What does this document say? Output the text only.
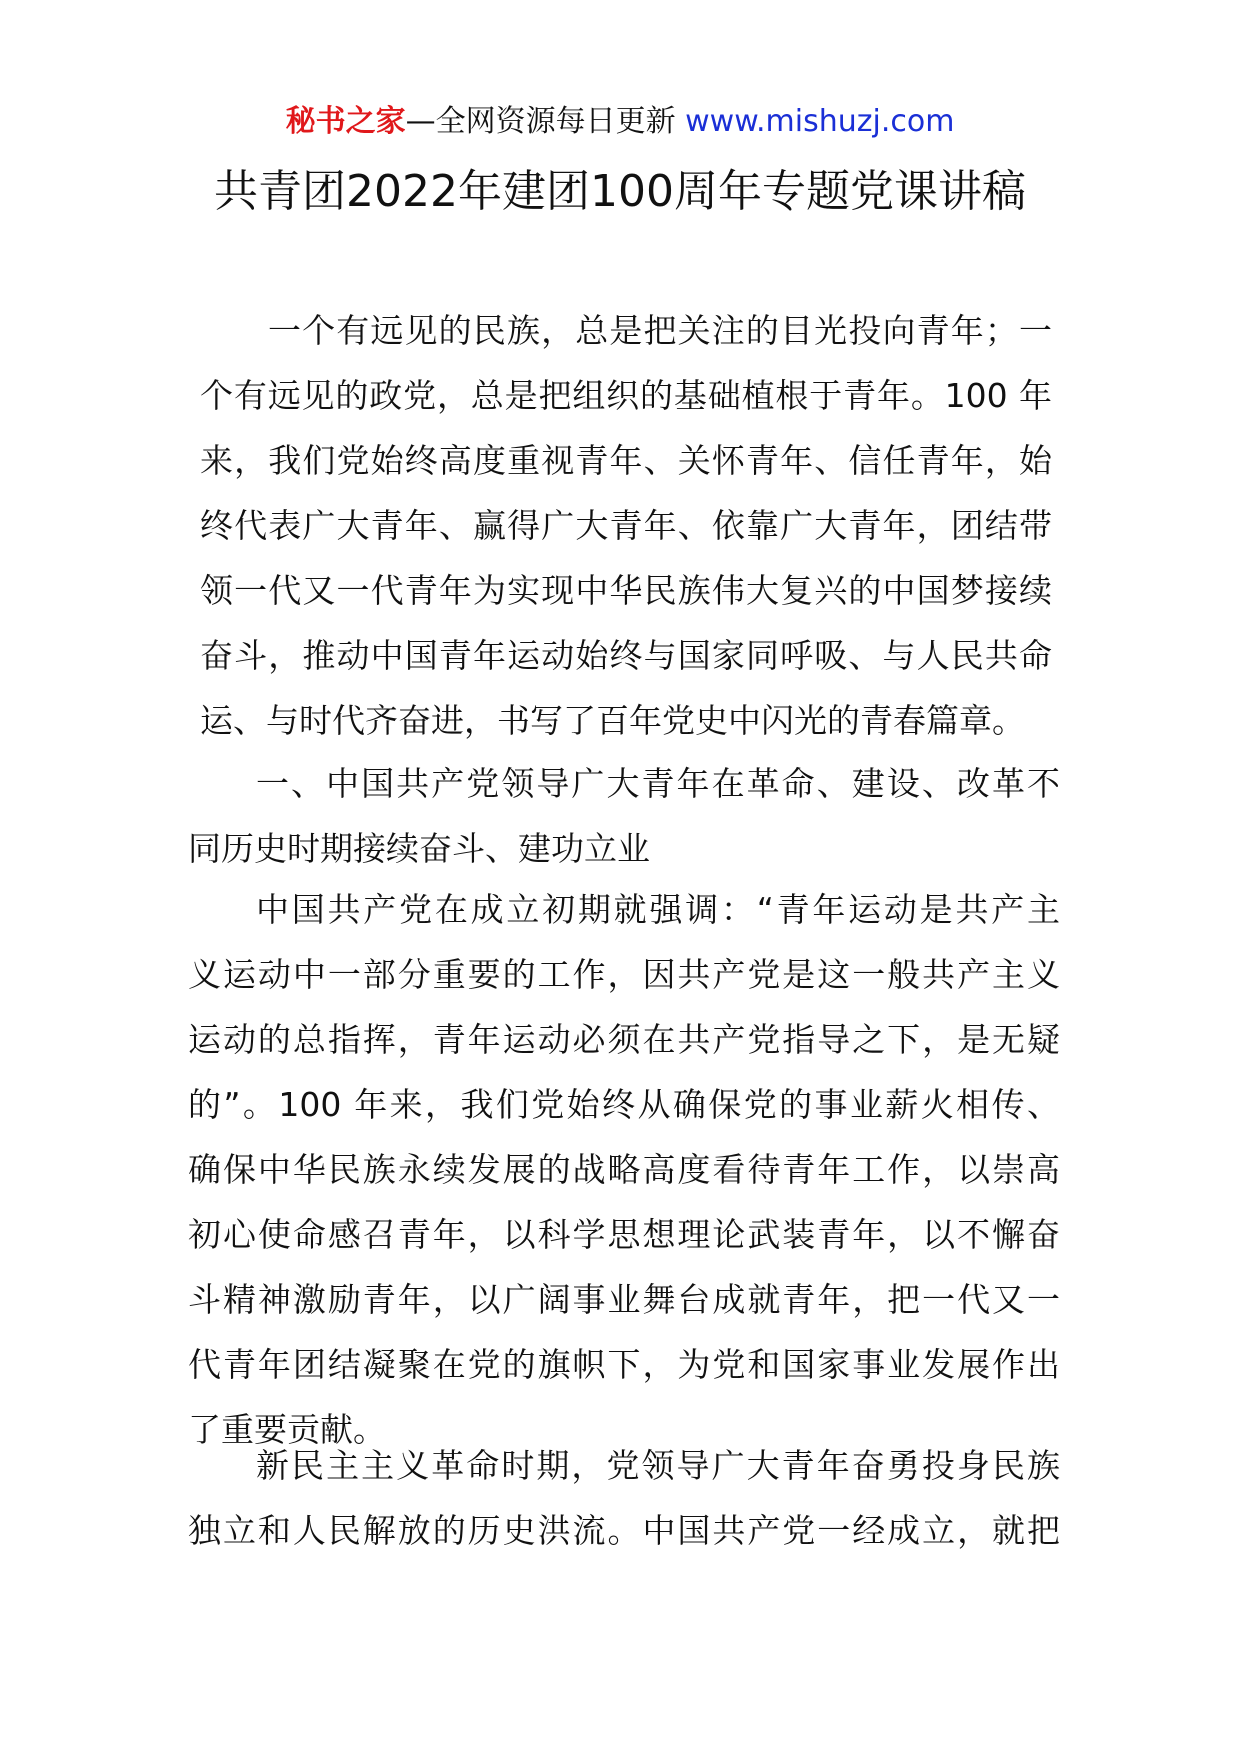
秘书之家—全网资源每日更新 www.mishuzj.com
共青团2022年建团100周年专题党课讲稿
一个有远见的民族，总是把关注的目光投向青年；一
个有远见的政党，总是把组织的基础植根于青年。100 年
来，我们党始终高度重视青年、关怀青年、信任青年，始
终代表广大青年、赢得广大青年、依靠广大青年，团结带
领一代又一代青年为实现中华民族伟大复兴的中国梦接续
奋斗，推动中国青年运动始终与国家同呼吸、与人民共命
运、与时代齐奋进，书写了百年党史中闪光的青春篇章。
一、中国共产党领导广大青年在革命、建设、改革不
同历史时期接续奋斗、建功立业
中国共产党在成立初期就强调：“青年运动是共产主
义运动中一部分重要的工作，因共产党是这一般共产主义
运动的总指挥，青年运动必须在共产党指导之下，是无疑
的”。100 年来，我们党始终从确保党的事业薪火相传、
确保中华民族永续发展的战略高度看待青年工作，以崇高
初心使命感召青年，以科学思想理论武装青年，以不懈奋
斗精神激励青年，以广阔事业舞台成就青年，把一代又一
代青年团结凝聚在党的旗帜下，为党和国家事业发展作出
了重要贡献。
新民主主义革命时期，党领导广大青年奋勇投身民族
独立和人民解放的历史洪流。中国共产党一经成立，就把
